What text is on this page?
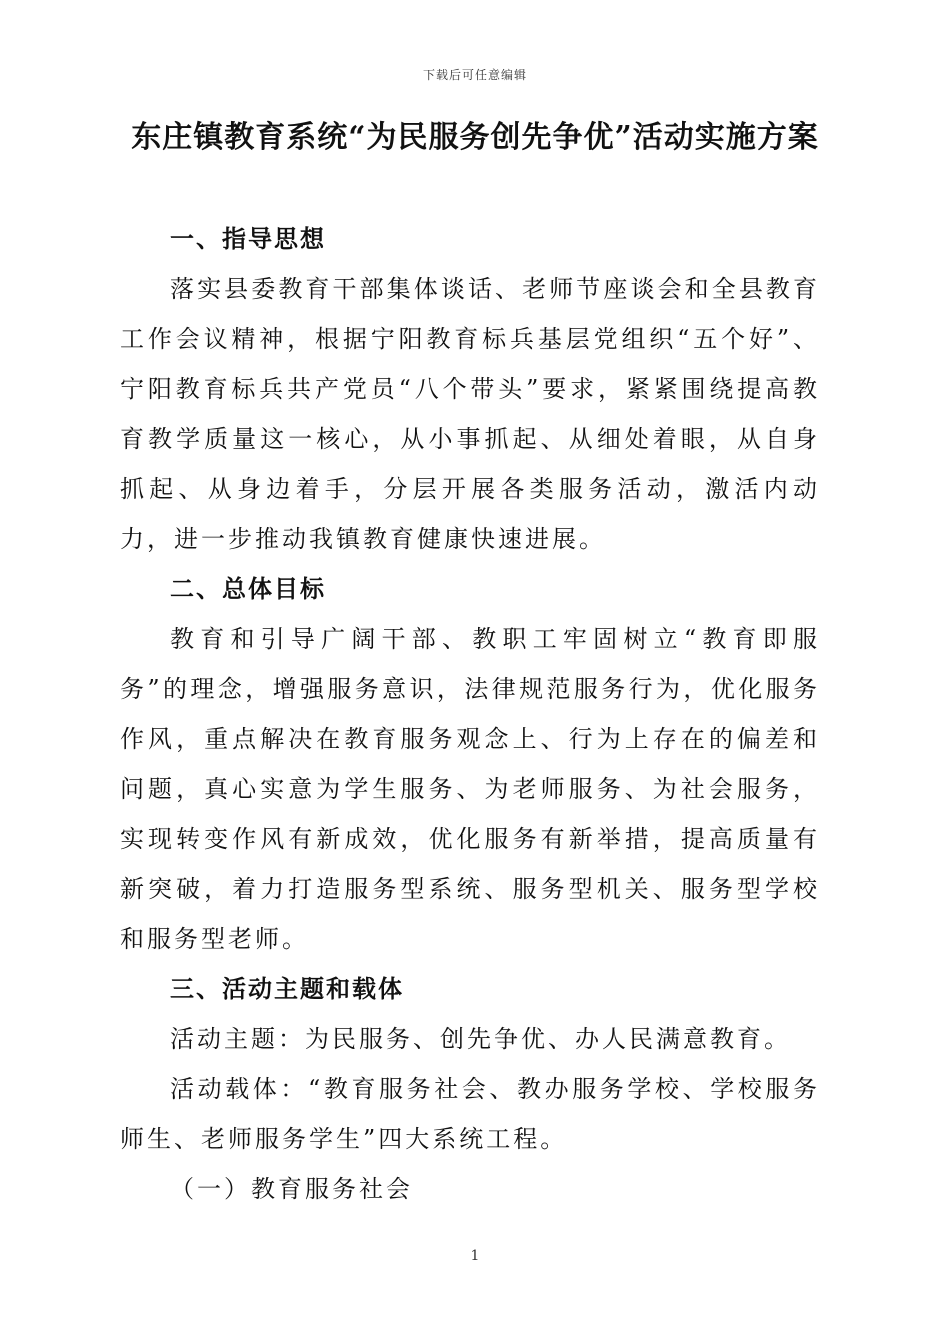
下载后可任意编辑
东庄镇教育系统“为民服务创先争优”活动实施方案
一、指导思想

落实县委教育干部集体谈话、老师节座谈会和全县教育工作会议精神，根据宁阳教育标兵基层党组织“五个好”、宁阳教育标兵共产党员“八个带头”要求，紧紧围绕提高教育教学质量这一核心，从小事抓起、从细处着眼，从自身抓起、从身边着手，分层开展各类服务活动，激活内动力，进一步推动我镇教育健康快速进展。

二、总体目标

教育和引导广阔干部、教职工牢固树立“教育即服务”的理念，增强服务意识，法律规范服务行为，优化服务作风，重点解决在教育服务观念上、行为上存在的偏差和问题，真心实意为学生服务、为老师服务、为社会服务，实现转变作风有新成效，优化服务有新举措，提高质量有新突破，着力打造服务型系统、服务型机关、服务型学校和服务型老师。

三、活动主题和载体

活动主题：为民服务、创先争优、办人民满意教育。

活动载体：“教育服务社会、教办服务学校、学校服务师生、老师服务学生”四大系统工程。

（一）教育服务社会
1
